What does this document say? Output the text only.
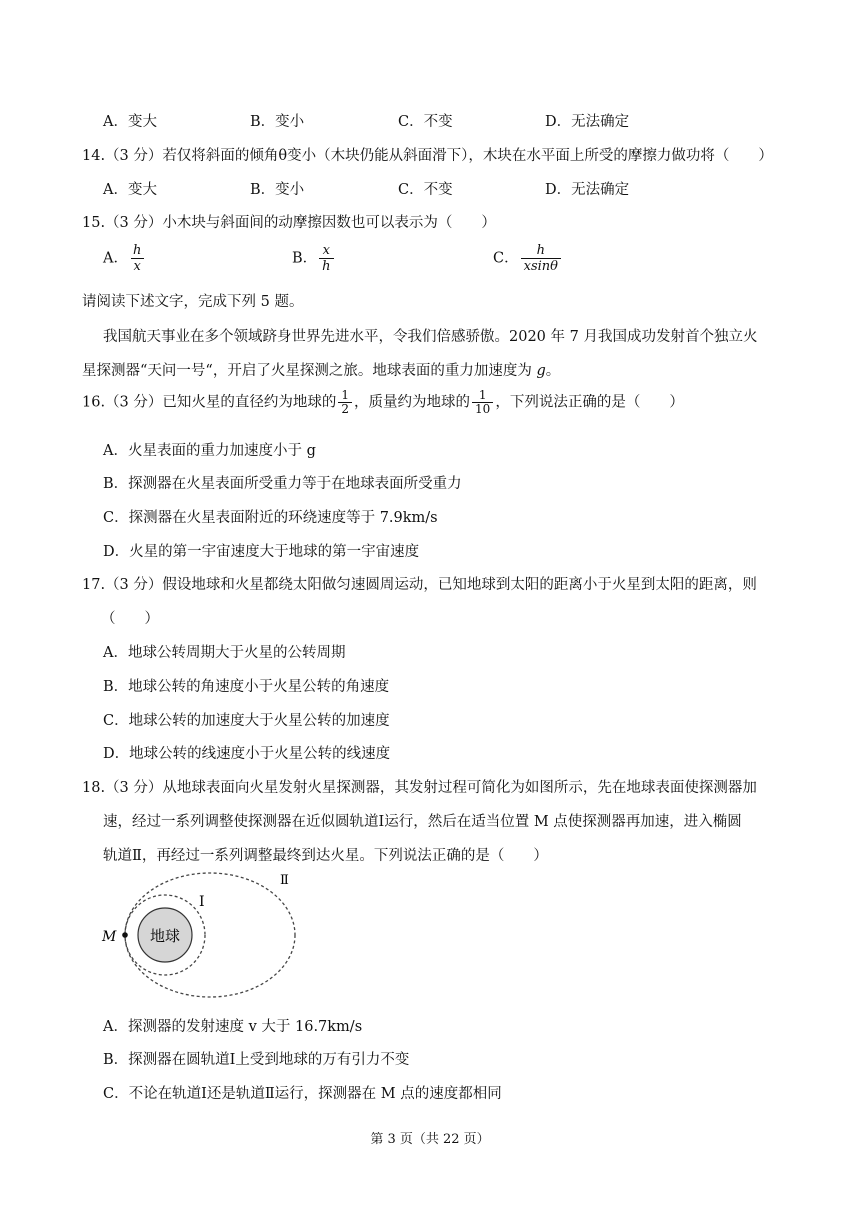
A．变大	B．变小	C．不变	D．无法确定
14.（3 分）若仅将斜面的倾角θ变小（木块仍能从斜面滑下），木块在水平面上所受的摩擦力做功将（　　）
A．变大	B．变小	C．不变	D．无法确定
15.（3 分）小木块与斜面间的动摩擦因数也可以表示为（　　）
A． $\frac{h}{x}$	B． $\frac{x}{h}$	C． $\frac{h}{xsin\theta}$
请阅读下述文字，完成下列 5 题。
我国航天事业在多个领域跻身世界先进水平，令我们倍感骄傲。2020 年 7 月我国成功发射首个独立火
星探测器“天问一号“，开启了火星探测之旅。地球表面的重力加速度为 g。
16.（3 分）已知火星的直径约为地球的 $\frac{1}{2}$ ，质量约为地球的 $\frac{1}{10}$ ，下列说法正确的是（　　）
A．火星表面的重力加速度小于 g
B．探测器在火星表面所受重力等于在地球表面所受重力
C．探测器在火星表面附近的环绕速度等于 7.9km/s
D．火星的第一宇宙速度大于地球的第一宇宙速度
17.（3 分）假设地球和火星都绕太阳做匀速圆周运动，已知地球到太阳的距离小于火星到太阳的距离，则
（　　）
A．地球公转周期大于火星的公转周期
B．地球公转的角速度小于火星公转的角速度
C．地球公转的加速度大于火星公转的加速度
D．地球公转的线速度小于火星公转的线速度
18.（3 分）从地球表面向火星发射火星探测器，其发射过程可简化为如图所示，先在地球表面使探测器加
速，经过一系列调整使探测器在近似圆轨道Ⅰ运行，然后在适当位置 M 点使探测器再加速，进入椭圆
轨道Ⅱ，再经过一系列调整最终到达火星。下列说法正确的是（　　）
地球
M
Ⅰ
Ⅱ
A．探测器的发射速度 v 大于 16.7km/s
B．探测器在圆轨道Ⅰ上受到地球的万有引力不变
C．不论在轨道Ⅰ还是轨道Ⅱ运行，探测器在 M 点的速度都相同
第 3 页（共 22 页）
